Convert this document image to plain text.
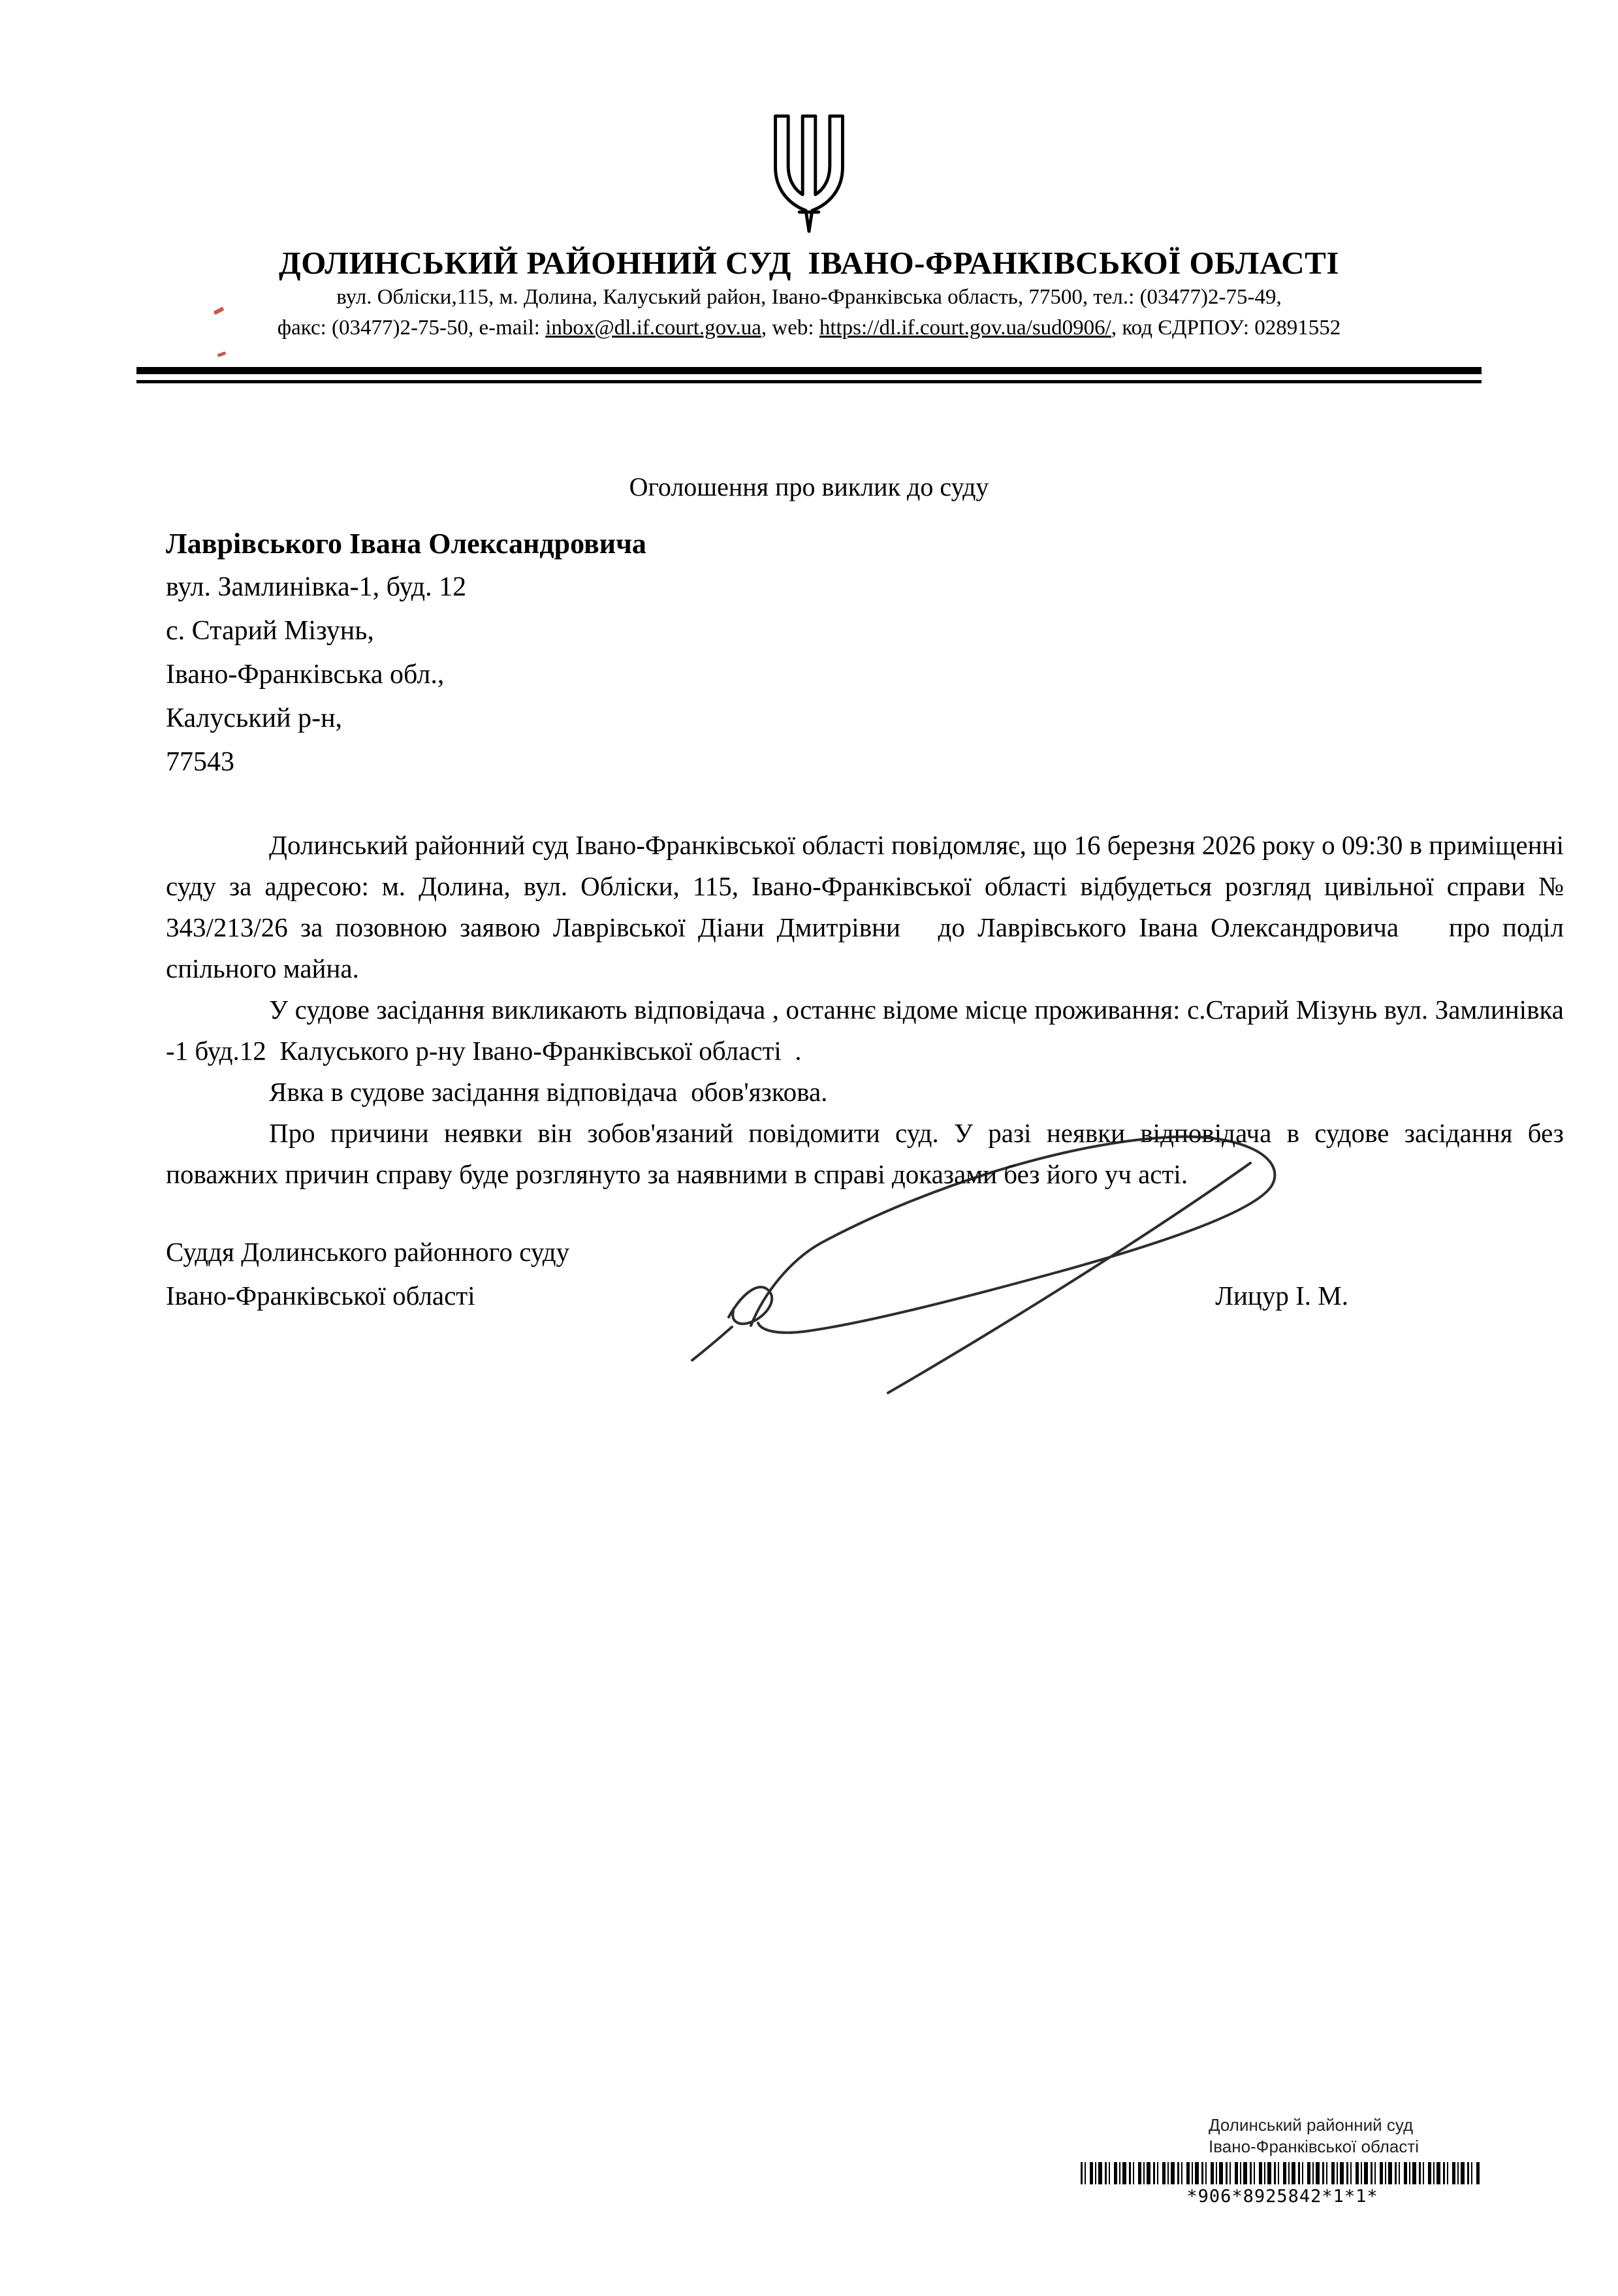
ДОЛИНСЬКИЙ РАЙОННИЙ СУД  ІВАНО-ФРАНКІВСЬКОЇ ОБЛАСТІ
вул. Обліски,115, м. Долина, Калуський район, Івано-Франківська область, 77500, тел.: (03477)2-75-49,
факс: (03477)2-75-50, e-mail: inbox@dl.if.court.gov.ua, web: https://dl.if.court.gov.ua/sud0906/, код ЄДРПОУ: 02891552
Оголошення про виклик до суду
Лаврівського Івана Олександровича
вул. Замлинівка-1, буд. 12
с. Старий Мізунь,
Івано-Франківська обл.,
Калуський р-н,
77543

Долинський районний суд Івано-Франківської області повідомляє, що 16 березня 2026 року о 09:30 в приміщенні суду за адресою: м. Долина, вул. Обліски, 115, Івано-Франківської області відбудеться розгляд цивільної справи № 343/213/26 за позовною заявою Лаврівської Діани Дмитрівни   до Лаврівського Івана Олександровича    про поділ спільного майна.

У судове засідання викликають відповідача , останнє відоме місце проживання: с.Старий Мізунь вул. Замлинівка -1 буд.12  Калуського р-ну Івано-Франківської області  .

Явка в судове засідання відповідача  обов'язкова.

Про причини неявки він зобов'язаний повідомити суд. У разі неявки відповідача в судове засідання без поважних причин справу буде розглянуто за наявними в справі доказами без його уч асті.

Суддя Долинського районного суду
Івано-Франківської області	Лицур І. М.
Долинський районний суд
Івано-Франківської області
*906*8925842*1*1*
